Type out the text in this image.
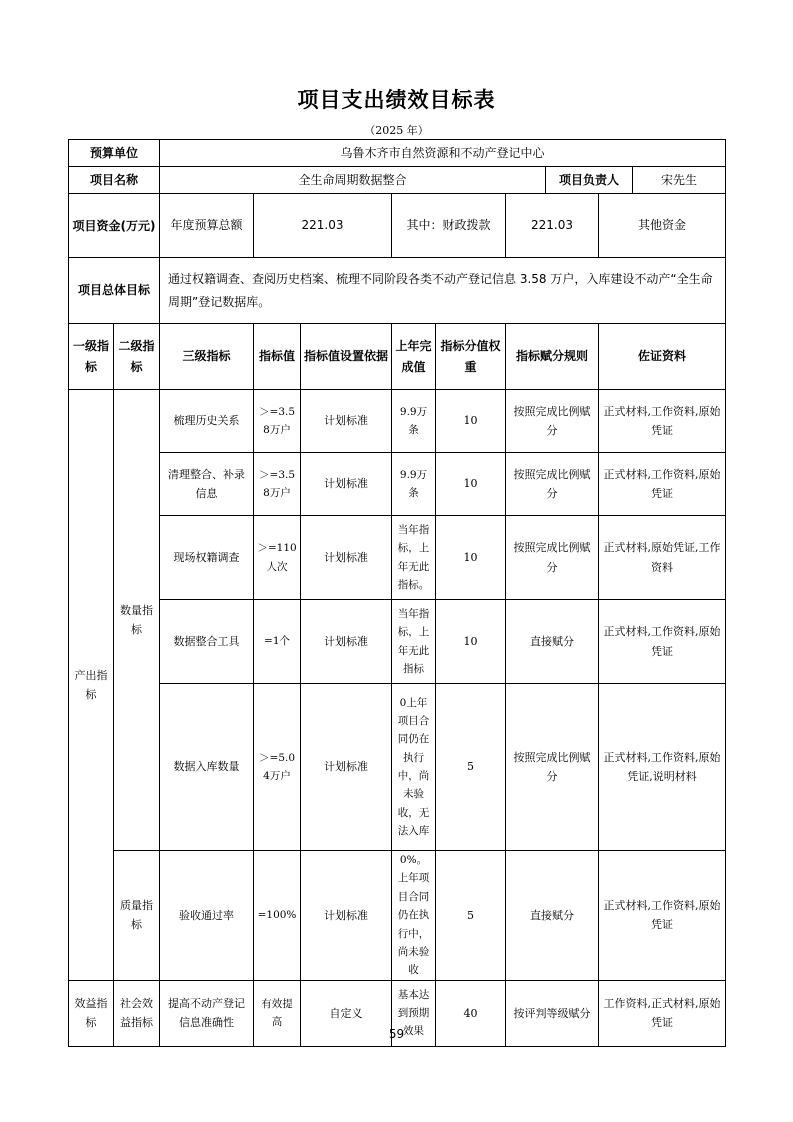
项目支出绩效目标表
（2025 年）
预算单位		乌鲁木齐市自然资源和不动产登记中心									
项目名称		全生命周期数据整合						项目负责人		宋先生	
项目资金(万元)		年度预算总额	221.03		其中：财政拨款		221.03		其他资金	
项目总体目标		通过权籍调查、查阅历史档案、梳理不同阶段各类不动产登记信息 3.58 万户，入库建设不动产“全生命周期”登记数据库。									
一级指标	二级指标	三级指标	指标值	指标值设置依据	上年完成值	指标分值权重	指标赋分规则		佐证资料		
产出指标	数量指标	梳理历史关系	＞=3.58万户	计划标准	9.9万条	10	按照完成比例赋分		正式材料,工作资料,原始凭证		
		清理整合、补录信息	＞=3.58万户	计划标准	9.9万条	10	按照完成比例赋分		正式材料,工作资料,原始凭证		
		现场权籍调查	＞=110人次	计划标准	当年指标，上年无此指标。	10	按照完成比例赋分		正式材料,原始凭证,工作资料		
		数据整合工具	=1个	计划标准	当年指标，上年无此指标	10	直接赋分		正式材料,工作资料,原始凭证		
		数据入库数量	＞=5.04万户	计划标准	0上年项目合同仍在执行中，尚未验收，无法入库	5	按照完成比例赋分		正式材料,工作资料,原始凭证,说明材料		
	质量指标	验收通过率	=100%	计划标准	0%。上年项目合同仍在执行中，尚未验收	5	直接赋分		正式材料,工作资料,原始凭证		
效益指标	社会效益指标	提高不动产登记信息准确性	有效提高	自定义	基本达到预期效果	40	按评判等级赋分		工作资料,正式材料,原始凭证		
59
